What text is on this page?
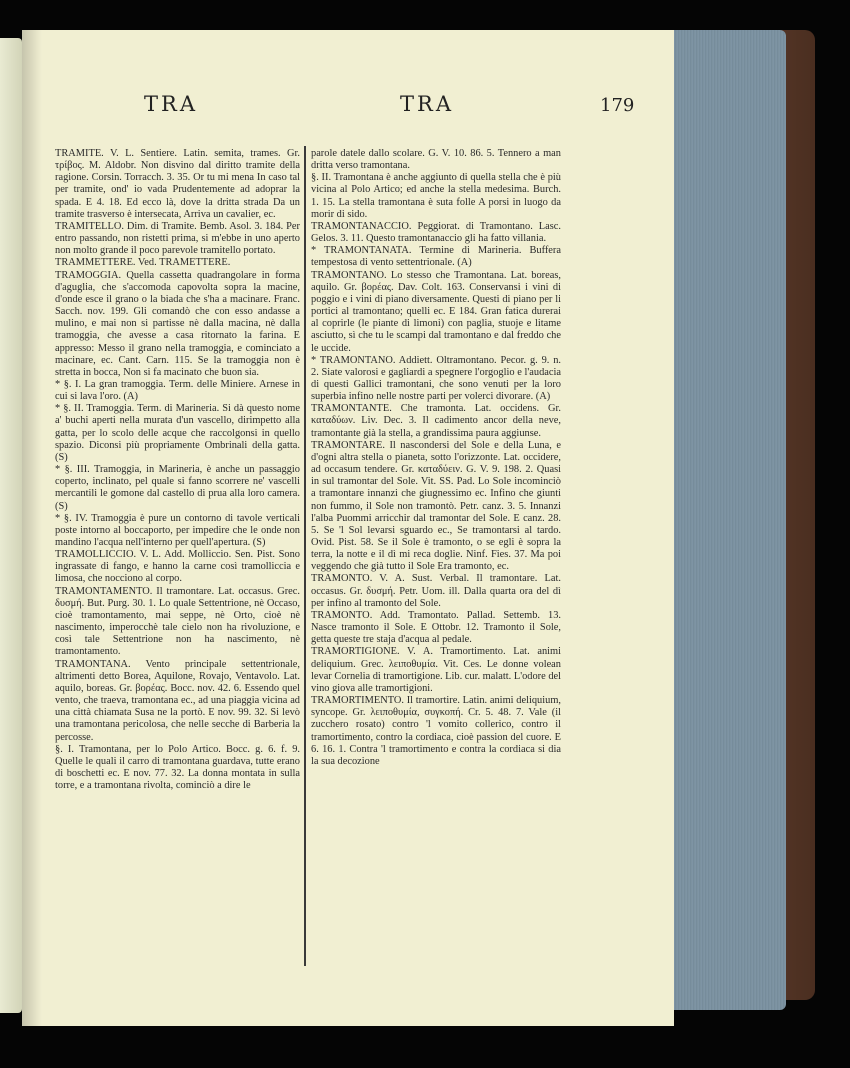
TRA	TRA	179

TRAMITE. V. L. Sentiere. Latin. semita, trames. Gr. τρίβος. M. Aldobr. Non disvino dal diritto tramite della ragione. Corsin. Torracch. 3. 35. Or tu mi mena In caso tal per tramite, ond' io vada Prudentemente ad adoprar la spada. E 4. 18. Ed ecco là, dove la dritta strada Da un tramite trasverso è intersecata, Arriva un cavalier, ec.

TRAMITELLO. Dim. di Tramite. Bemb. Asol. 3. 184. Per entro passando, non ristetti prima, si m'ebbe in uno aperto non molto grande il poco parevole tramitello portato.

TRAMMETTERE. Ved. TRAMETTERE.

TRAMOGGIA. Quella cassetta quadrangolare in forma d'aguglia, che s'accomoda capovolta sopra la macine, d'onde esce il grano o la biada che s'ha a macinare. Franc. Sacch. nov. 199. Gli comandò che con esso andasse a mulino, e mai non si partisse nè dalla macina, nè dalla tramoggia, che avesse a casa ritornato la farina. E appresso: Messo il grano nella tramoggia, e cominciato a macinare, ec. Cant. Carn. 115. Se la tramoggia non è stretta in bocca, Non si fa macinato che buon sia.

* §. I. La gran tramoggia. Term. delle Miniere. Arnese in cui si lava l'oro. (A)

* §. II. Tramoggia. Term. di Marineria. Si dà questo nome a' buchi aperti nella murata d'un vascello, dirimpetto alla gatta, per lo scolo delle acque che raccolgonsi in quello spazio. Diconsi più propriamente Ombrinali della gatta. (S)

* §. III. Tramoggia, in Marineria, è anche un passaggio coperto, inclinato, pel quale si fanno scorrere ne' vascelli mercantili le gomone dal castello di prua alla loro camera. (S)

* §. IV. Tramoggia è pure un contorno di tavole verticali poste intorno al boccaporto, per impedire che le onde non mandino l'acqua nell'interno per quell'apertura. (S)

TRAMOLLICCIO. V. L. Add. Molliccio. Sen. Pist. Sono ingrassate di fango, e hanno la carne così tramolliccia e limosa, che nocciono al corpo.

TRAMONTAMENTO. Il tramontare. Lat. occasus. Grec. δυσμή. But. Purg. 30. 1. Lo quale Settentrione, nè Occaso, cioè tramontamento, mai seppe, nè Orto, cioè nè nascimento, imperocchè tale cielo non ha rivoluzione, e così tale Settentrione non ha nascimento, nè tramontamento.

TRAMONTANA. Vento principale settentrionale, altrimenti detto Borea, Aquilone, Rovajo, Ventavolo. Lat. aquilo, boreas. Gr. βορέας. Bocc. nov. 42. 6. Essendo quel vento, che traeva, tramontana ec., ad una piaggia vicina ad una città chiamata Susa ne la portò. E nov. 99. 32. Si levò una tramontana pericolosa, che nelle secche di Barberia la percosse.

§. I. Tramontana, per lo Polo Artico. Bocc. g. 6. f. 9. Quelle le quali il carro di tramontana guardava, tutte erano di boschetti ec. E nov. 77. 32. La donna montata in sulla torre, e a tramontana rivolta, cominciò a dire le

parole datele dallo scolare. G. V. 10. 86. 5. Tennero a man dritta verso tramontana.

§. II. Tramontana è anche aggiunto di quella stella che è più vicina al Polo Artico; ed anche la stella medesima. Burch. 1. 15. La stella tramontana è suta folle A porsi in luogo da morir di sido.

TRAMONTANACCIO. Peggiorat. di Tramontano. Lasc. Gelos. 3. 11. Questo tramontanaccio gli ha fatto villania.

* TRAMONTANATA. Termine di Marineria. Buffera tempestosa di vento settentrionale. (A)

TRAMONTANO. Lo stesso che Tramontana. Lat. boreas, aquilo. Gr. βορέας. Dav. Colt. 163. Conservansi i vini di poggio e i vini di piano diversamente. Questi di piano per li portici al tramontano; quelli ec. E 184. Gran fatica durerai al coprirle (le piante di limoni) con paglia, stuoje e litame asciutto, sì che tu le scampi dal tramontano e dal freddo che le uccide.

* TRAMONTANO. Addiett. Oltramontano. Pecor. g. 9. n. 2. Siate valorosi e gagliardi a spegnere l'orgoglio e l'audacia di questi Gallici tramontani, che sono venuti per la loro superbia infino nelle nostre parti per volerci divorare. (A)

TRAMONTANTE. Che tramonta. Lat. occidens. Gr. καταδύων. Liv. Dec. 3. Il cadimento ancor della neve, tramontante già la stella, a grandissima paura aggiunse.

TRAMONTARE. Il nascondersi del Sole e della Luna, e d'ogni altra stella o pianeta, sotto l'orizzonte. Lat. occidere, ad occasum tendere. Gr. καταδύειν. G. V. 9. 198. 2. Quasi in sul tramontar del Sole. Vit. SS. Pad. Lo Sole incominciò a tramontare innanzi che giugnessimo ec. Infino che giunti non fummo, il Sole non tramontò. Petr. canz. 3. 5. Innanzi l'alba Puommi arricchir dal tramontar del Sole. E canz. 28. 5. Se 'l Sol levarsi sguardo ec., Se tramontarsi al tardo. Ovid. Pist. 58. Se il Sole è tramonto, o se egli è sopra la terra, la notte e il dì mi reca doglie. Ninf. Fies. 37. Ma poi veggendo che già tutto il Sole Era tramonto, ec.

TRAMONTO. V. A. Sust. Verbal. Il tramontare. Lat. occasus. Gr. δυσμή. Petr. Uom. ill. Dalla quarta ora del dì per infino al tramonto del Sole.

TRAMONTO. Add. Tramontato. Pallad. Settemb. 13. Nasce tramonto il Sole. E Ottobr. 12. Tramonto il Sole, getta queste tre staja d'acqua al pedale.

TRAMORTIGIONE. V. A. Tramortimento. Lat. animi deliquium. Grec. λειποθυμία. Vit. Ces. Le donne volean levar Cornelia di tramortigione. Lib. cur. malatt. L'odore del vino giova alle tramortigioni.

TRAMORTIMENTO. Il tramortire. Latin. animi deliquium, syncope. Gr. λειποθυμία, συγκοπή. Cr. 5. 48. 7. Vale (il zucchero rosato) contro 'l vomito collerico, contro il tramortimento, contro la cordiaca, cioè passion del cuore. E 6. 16. 1. Contra 'l tramortimento e contra la cordiaca si dia la sua decozione
